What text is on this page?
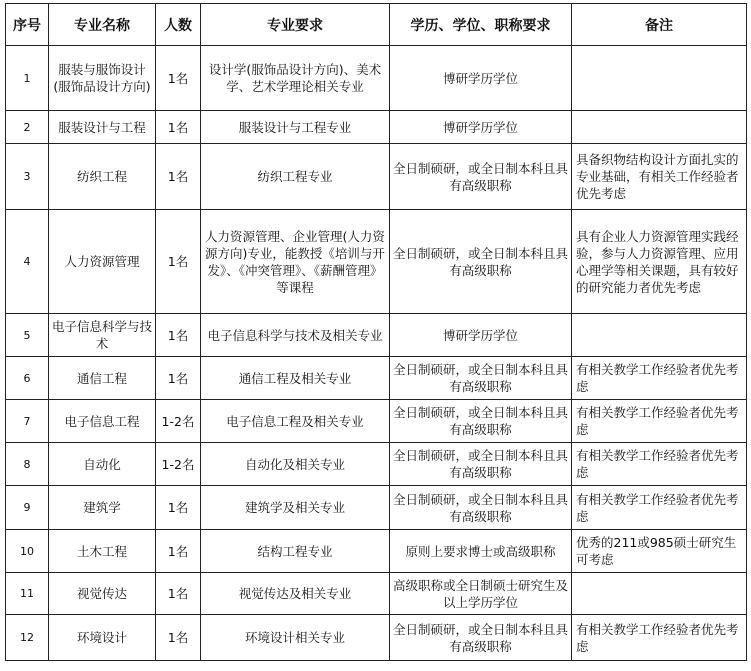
序号	专业名称	人数	专业要求	学历、学位、职称要求	备注
1	服装与服饰设计(服饰品设计方向)	1名	设计学(服饰品设计方向)、美术学、艺术学理论相关专业	博研学历学位	
2	服装设计与工程	1名	服装设计与工程专业	博研学历学位	
3	纺织工程	1名	纺织工程专业	全日制硕研，或全日制本科且具有高级职称	具备织物结构设计方面扎实的专业基础，有相关工作经验者优先考虑
4	人力资源管理	1名	人力资源管理、企业管理(人力资源方向)专业，能教授《培训与开发》、《冲突管理》、《薪酬管理》等课程	全日制硕研，或全日制本科且具有高级职称	具有企业人力资源管理实践经验，参与人力资源管理、应用心理学等相关课题，具有较好的研究能力者优先考虑
5	电子信息科学与技术	1名	电子信息科学与技术及相关专业	博研学历学位	
6	通信工程	1名	通信工程及相关专业	全日制硕研，或全日制本科且具有高级职称	有相关教学工作经验者优先考虑
7	电子信息工程	1-2名	电子信息工程及相关专业	全日制硕研，或全日制本科且具有高级职称	有相关教学工作经验者优先考虑
8	自动化	1-2名	自动化及相关专业	全日制硕研，或全日制本科且具有高级职称	有相关教学工作经验者优先考虑
9	建筑学	1名	建筑学及相关专业	全日制硕研，或全日制本科且具有高级职称	有相关教学工作经验者优先考虑
10	土木工程	1名	结构工程专业	原则上要求博士或高级职称	优秀的211或985硕士研究生可考虑
11	视觉传达	1名	视觉传达及相关专业	高级职称或全日制硕士研究生及以上学历学位	
12	环境设计	1名	环境设计相关专业	全日制硕研，或全日制本科且具有高级职称	有相关教学工作经验者优先考虑
